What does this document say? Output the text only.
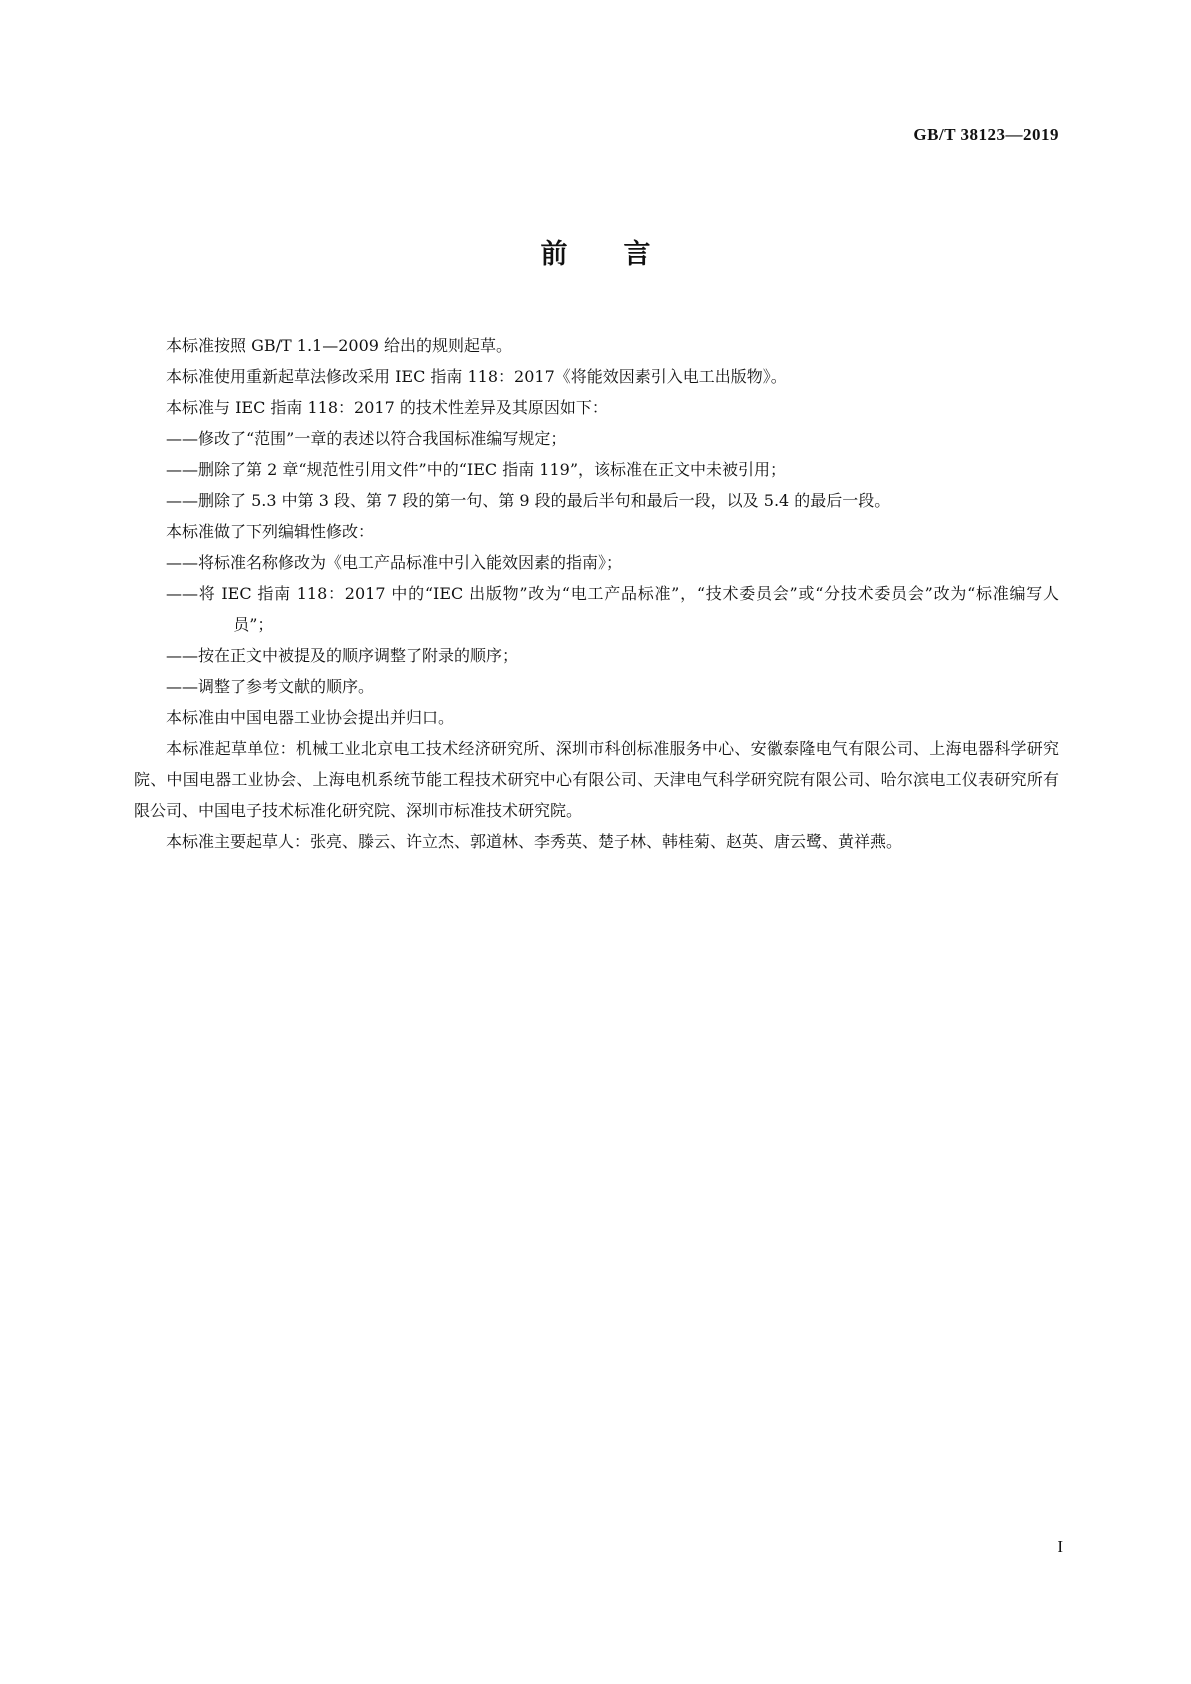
GB/T 38123—2019
前 言

本标准按照 GB/T 1.1—2009 给出的规则起草。

本标准使用重新起草法修改采用 IEC 指南 118：2017《将能效因素引入电工出版物》。

本标准与 IEC 指南 118：2017 的技术性差异及其原因如下：

——修改了“范围”一章的表述以符合我国标准编写规定；

——删除了第 2 章“规范性引用文件”中的“IEC 指南 119”，该标准在正文中未被引用；

——删除了 5.3 中第 3 段、第 7 段的第一句、第 9 段的最后半句和最后一段，以及 5.4 的最后一段。

本标准做了下列编辑性修改：

——将标准名称修改为《电工产品标准中引入能效因素的指南》；

——将 IEC 指南 118：2017 中的“IEC 出版物”改为“电工产品标准”，“技术委员会”或“分技术委员会”改为“标准编写人员”；

——按在正文中被提及的顺序调整了附录的顺序；

——调整了参考文献的顺序。

本标准由中国电器工业协会提出并归口。

本标准起草单位：机械工业北京电工技术经济研究所、深圳市科创标准服务中心、安徽泰隆电气有限公司、上海电器科学研究院、中国电器工业协会、上海电机系统节能工程技术研究中心有限公司、天津电气科学研究院有限公司、哈尔滨电工仪表研究所有限公司、中国电子技术标准化研究院、深圳市标准技术研究院。

本标准主要起草人：张亮、滕云、许立杰、郭道林、李秀英、楚子林、韩桂菊、赵英、唐云鹭、黄祥燕。

I
